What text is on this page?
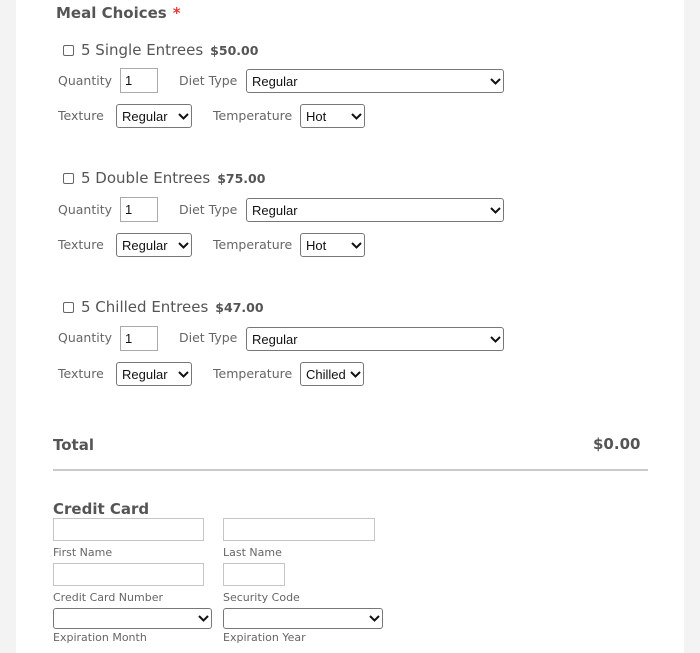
Meal Choices *
5 Single Entrees $50.00
Quantity 1	Diet Type Regular
Texture Regular	Temperature Hot
5 Double Entrees $75.00
Quantity 1	Diet Type Regular
Texture Regular	Temperature Hot
5 Chilled Entrees $47.00
Quantity 1	Diet Type Regular
Texture Regular	Temperature Chilled
Total	$0.00
Credit Card
First Name	Last Name
Credit Card Number	Security Code
Expiration Month	Expiration Year
